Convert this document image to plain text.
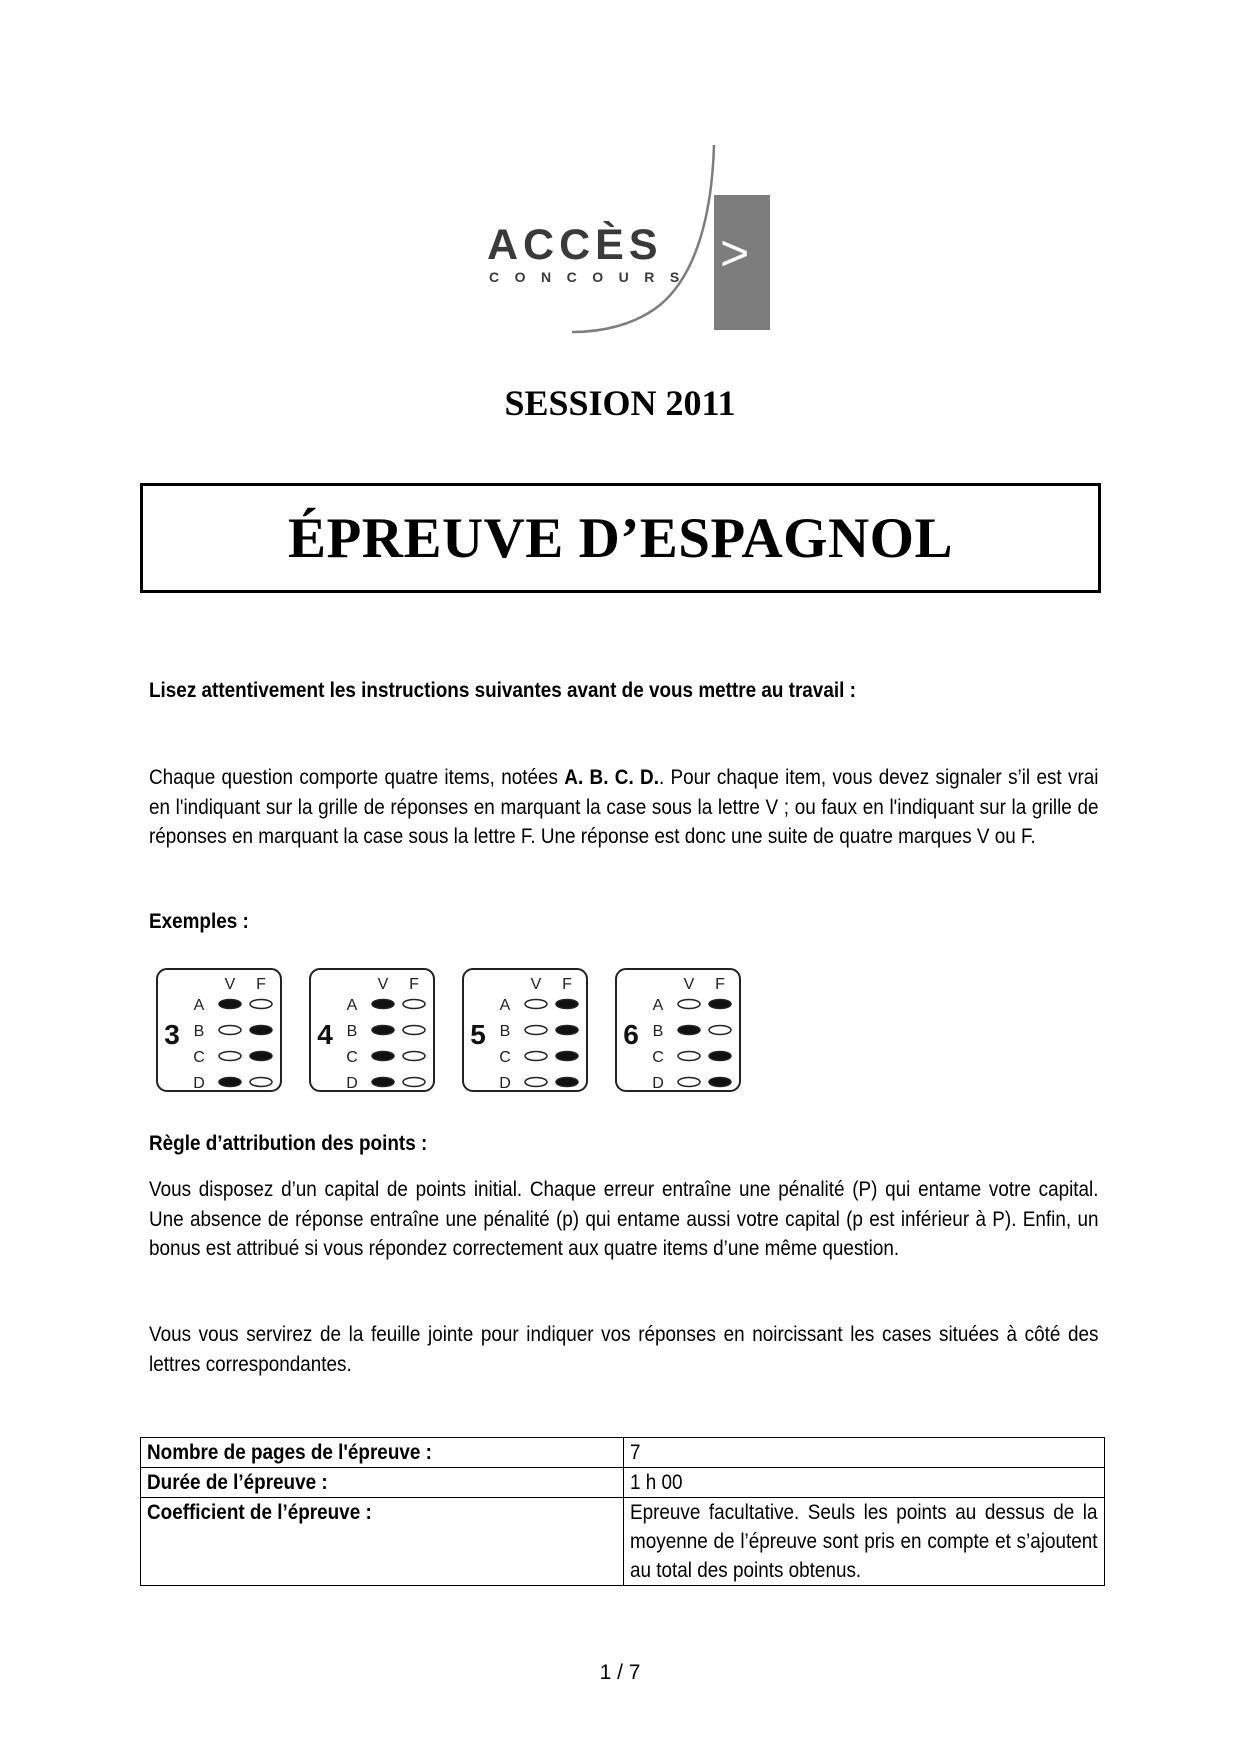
ACCÈS
CONCOURS >
SESSION 2011
ÉPREUVE D’ESPAGNOL
Lisez attentivement les instructions suivantes avant de vous mettre au travail :
Chaque question comporte quatre items, notées A. B. C. D.. Pour chaque item, vous devez signaler s’il est vrai en l'indiquant sur la grille de réponses en marquant la case sous la lettre V ; ou faux en l'indiquant sur la grille de réponses en marquant la case sous la lettre F. Une réponse est donc une suite de quatre marques V ou F.
Exemples :
V F
3
A
B
C
D
V F
4
A
B
C
D
V F
5
A
B
C
D
V F
6
A
B
C
D
Règle d’attribution des points :
Vous disposez d’un capital de points initial. Chaque erreur entraîne une pénalité (P) qui entame votre capital. Une absence de réponse entraîne une pénalité (p) qui entame aussi votre capital (p est inférieur à P). Enfin, un bonus est attribué si vous répondez correctement aux quatre items d’une même question.
Vous vous servirez de la feuille jointe pour indiquer vos réponses en noircissant les cases situées à côté des lettres correspondantes.
Nombre de pages de l'épreuve :	7

Durée de l’épreuve :	1 h 00

Coefficient de l’épreuve :	Epreuve facultative. Seuls les points au dessus de la moyenne de l’épreuve sont pris en compte et s’ajoutent au total des points obtenus.
1 / 7
